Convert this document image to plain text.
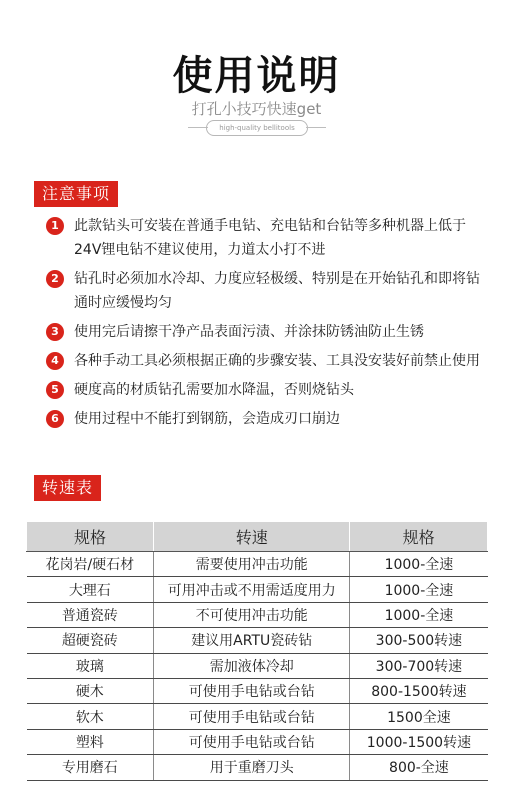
使用说明
打孔小技巧快速get
high-quality bellitools
注意事项
1	此款钻头可安装在普通手电钻、充电钻和台钻等多种机器上低于24V锂电钻不建议使用，力道太小打不进
2	钻孔时必须加水冷却、力度应轻极缓、特别是在开始钻孔和即将钻通时应缓慢均匀
3	使用完后请擦干净产品表面污渍、并涂抹防锈油防止生锈
4	各种手动工具必须根据正确的步骤安装、工具没安装好前禁止使用
5	硬度高的材质钻孔需要加水降温，否则烧钻头
6	使用过程中不能打到钢筋，会造成刃口崩边
转速表
规格	转速	规格
花岗岩/硬石材	需要使用冲击功能	1000-全速
大理石	可用冲击或不用需适度用力	1000-全速
普通瓷砖	不可使用冲击功能	1000-全速
超硬瓷砖	建议用ARTU瓷砖钻	300-500转速
玻璃	需加液体冷却	300-700转速
硬木	可使用手电钻或台钻	800-1500转速
软木	可使用手电钻或台钻	1500全速
塑料	可使用手电钻或台钻	1000-1500转速
专用磨石	用于重磨刀头	800-全速
